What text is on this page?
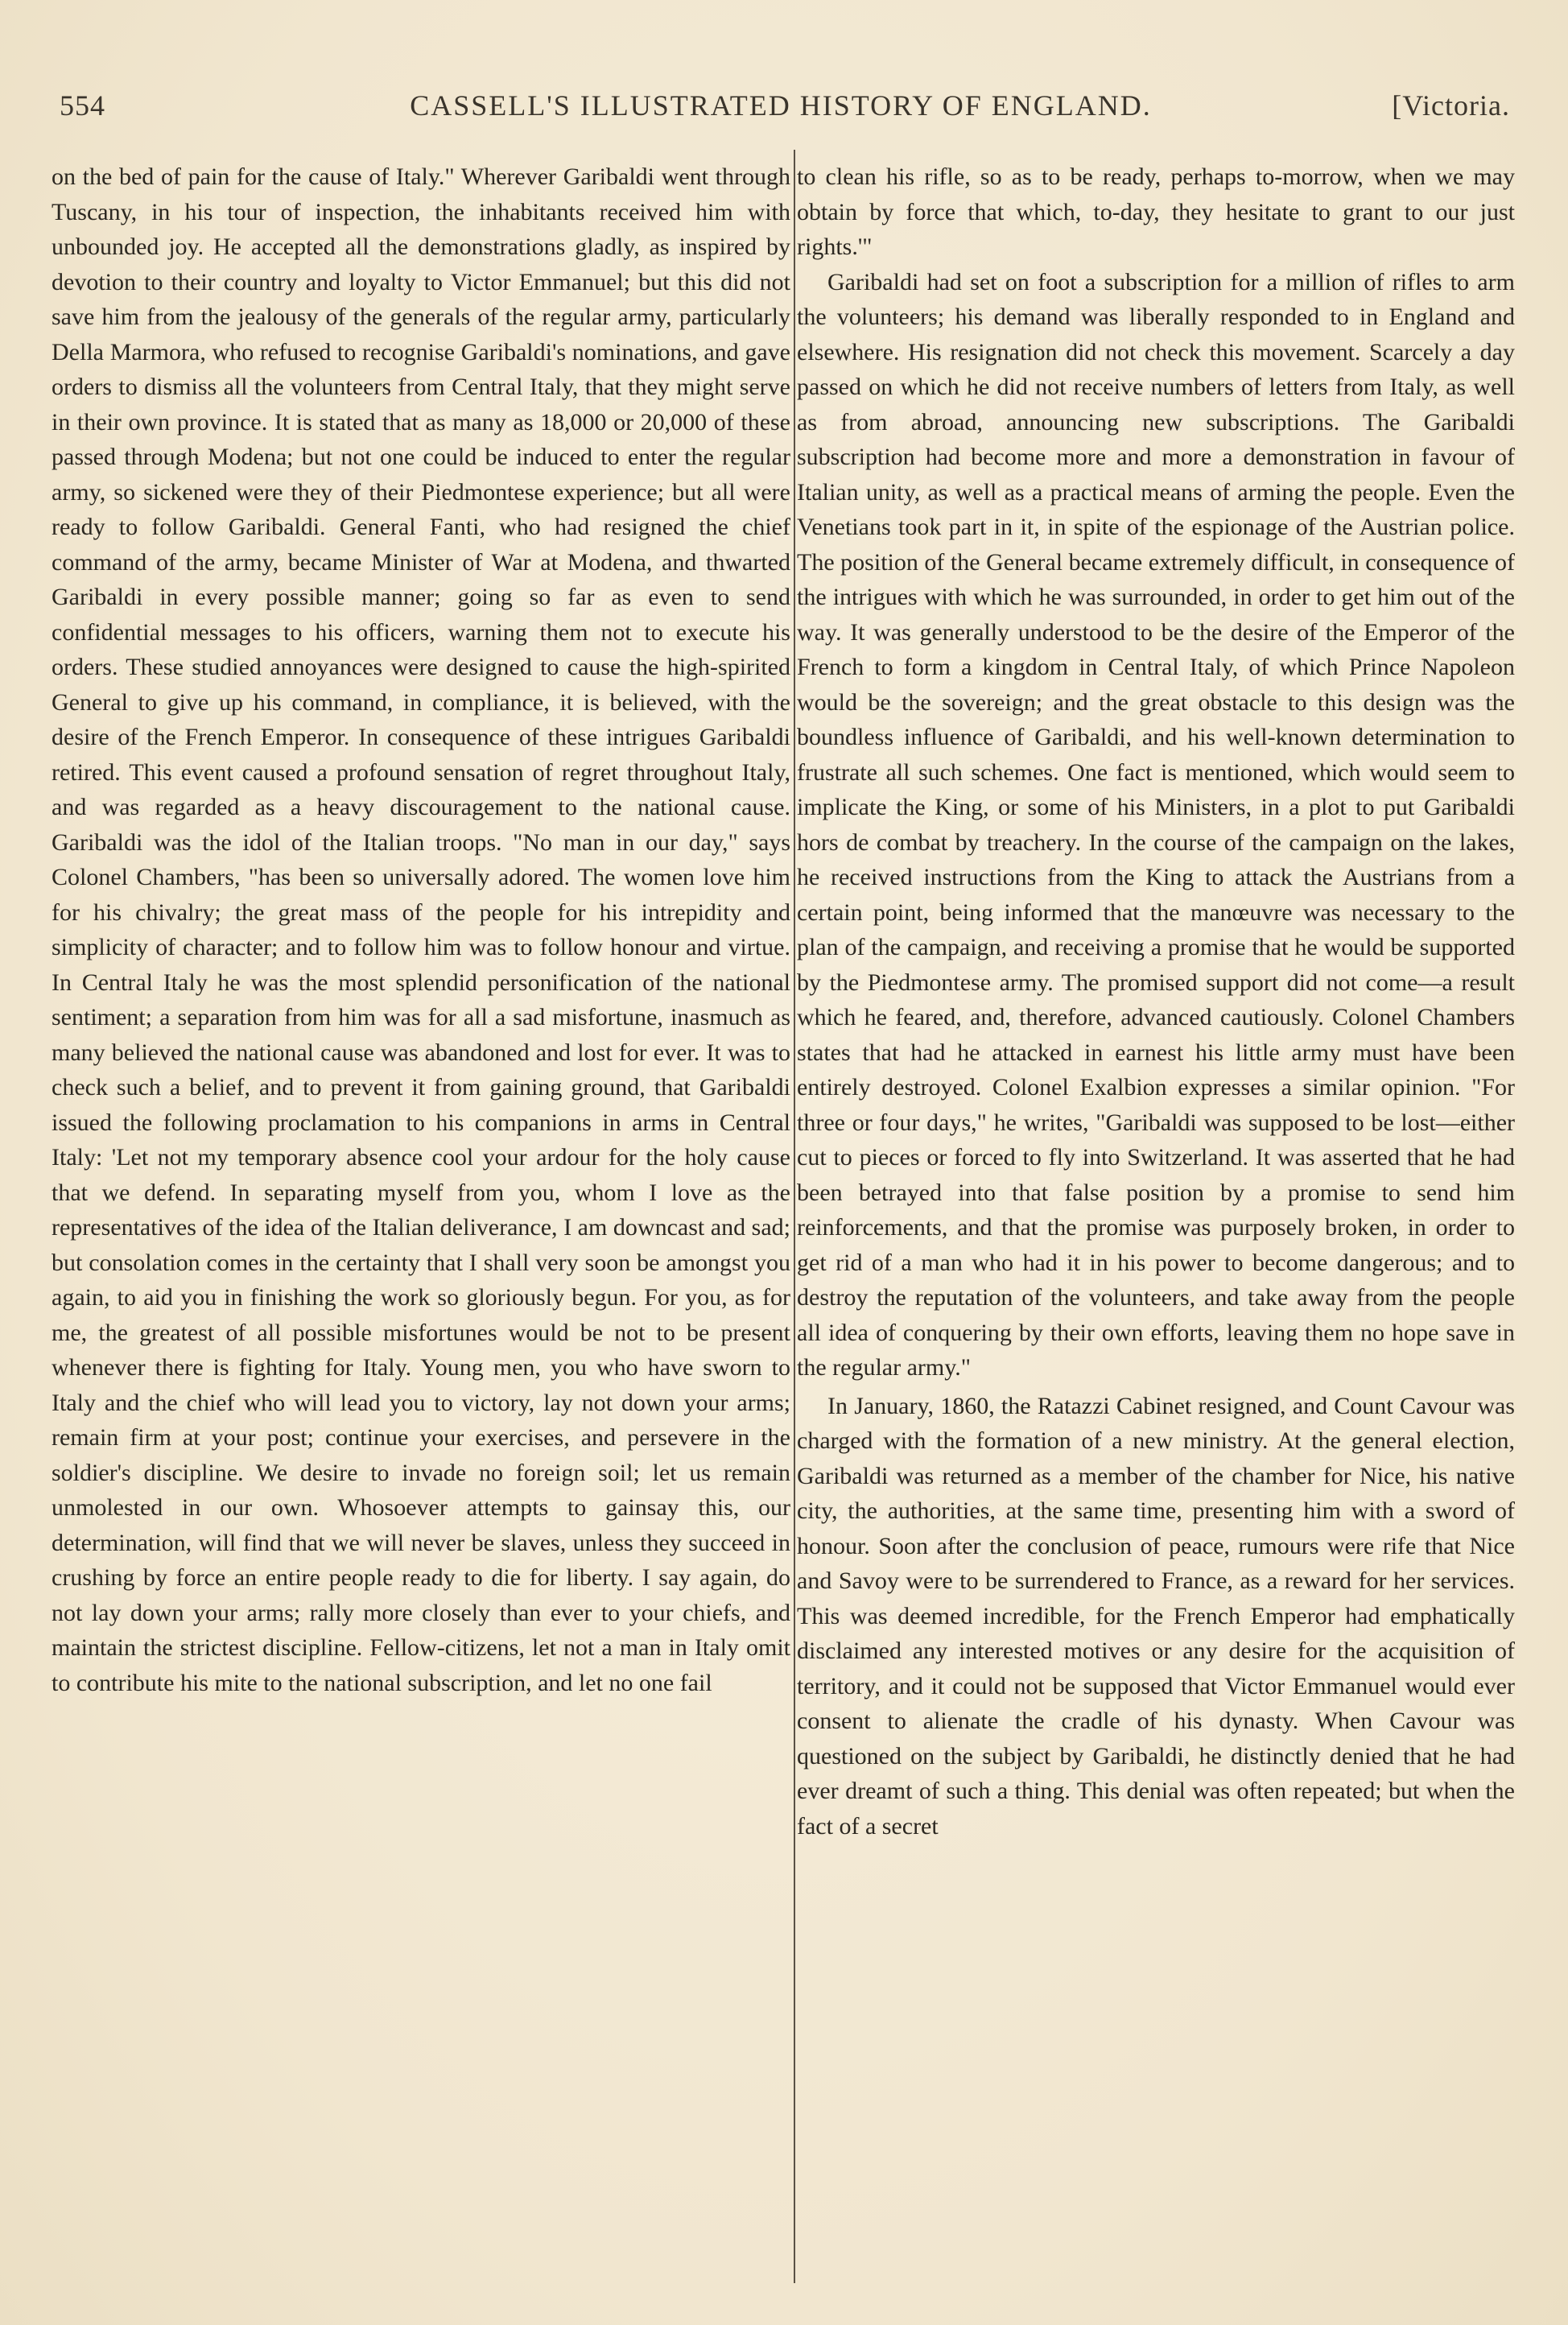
554	CASSELL'S ILLUSTRATED HISTORY OF ENGLAND.	[Victoria.

on the bed of pain for the cause of Italy." Wherever Garibaldi went through Tuscany, in his tour of inspection, the inhabitants received him with unbounded joy. He accepted all the demonstrations gladly, as inspired by devotion to their country and loyalty to Victor Emmanuel; but this did not save him from the jealousy of the generals of the regular army, particularly Della Marmora, who refused to recognise Garibaldi's nominations, and gave orders to dismiss all the volunteers from Central Italy, that they might serve in their own province. It is stated that as many as 18,000 or 20,000 of these passed through Modena; but not one could be induced to enter the regular army, so sickened were they of their Piedmontese experience; but all were ready to follow Garibaldi. General Fanti, who had resigned the chief command of the army, became Minister of War at Modena, and thwarted Garibaldi in every possible manner; going so far as even to send confidential messages to his officers, warning them not to execute his orders. These studied annoyances were designed to cause the high-spirited General to give up his command, in compliance, it is believed, with the desire of the French Emperor. In consequence of these intrigues Garibaldi retired. This event caused a profound sensation of regret throughout Italy, and was regarded as a heavy discouragement to the national cause. Garibaldi was the idol of the Italian troops. "No man in our day," says Colonel Chambers, "has been so universally adored. The women love him for his chivalry; the great mass of the people for his intrepidity and simplicity of character; and to follow him was to follow honour and virtue. In Central Italy he was the most splendid personification of the national sentiment; a separation from him was for all a sad misfortune, inasmuch as many believed the national cause was abandoned and lost for ever. It was to check such a belief, and to prevent it from gaining ground, that Garibaldi issued the following proclamation to his companions in arms in Central Italy: 'Let not my temporary absence cool your ardour for the holy cause that we defend. In separating myself from you, whom I love as the representatives of the idea of the Italian deliverance, I am downcast and sad; but consolation comes in the certainty that I shall very soon be amongst you again, to aid you in finishing the work so gloriously begun. For you, as for me, the greatest of all possible misfortunes would be not to be present whenever there is fighting for Italy. Young men, you who have sworn to Italy and the chief who will lead you to victory, lay not down your arms; remain firm at your post; continue your exercises, and persevere in the soldier's discipline. We desire to invade no foreign soil; let us remain unmolested in our own. Whosoever attempts to gainsay this, our determination, will find that we will never be slaves, unless they succeed in crushing by force an entire people ready to die for liberty. I say again, do not lay down your arms; rally more closely than ever to your chiefs, and maintain the strictest discipline. Fellow-citizens, let not a man in Italy omit to contribute his mite to the national subscription, and let no one fail

to clean his rifle, so as to be ready, perhaps to-morrow, when we may obtain by force that which, to-day, they hesitate to grant to our just rights.'"

Garibaldi had set on foot a subscription for a million of rifles to arm the volunteers; his demand was liberally responded to in England and elsewhere. His resignation did not check this movement. Scarcely a day passed on which he did not receive numbers of letters from Italy, as well as from abroad, announcing new subscriptions. The Garibaldi subscription had become more and more a demonstration in favour of Italian unity, as well as a practical means of arming the people. Even the Venetians took part in it, in spite of the espionage of the Austrian police. The position of the General became extremely difficult, in consequence of the intrigues with which he was surrounded, in order to get him out of the way. It was generally understood to be the desire of the Emperor of the French to form a kingdom in Central Italy, of which Prince Napoleon would be the sovereign; and the great obstacle to this design was the boundless influence of Garibaldi, and his well-known determination to frustrate all such schemes. One fact is mentioned, which would seem to implicate the King, or some of his Ministers, in a plot to put Garibaldi hors de combat by treachery. In the course of the campaign on the lakes, he received instructions from the King to attack the Austrians from a certain point, being informed that the manœuvre was necessary to the plan of the campaign, and receiving a promise that he would be supported by the Piedmontese army. The promised support did not come—a result which he feared, and, therefore, advanced cautiously. Colonel Chambers states that had he attacked in earnest his little army must have been entirely destroyed. Colonel Exalbion expresses a similar opinion. "For three or four days," he writes, "Garibaldi was supposed to be lost—either cut to pieces or forced to fly into Switzerland. It was asserted that he had been betrayed into that false position by a promise to send him reinforcements, and that the promise was purposely broken, in order to get rid of a man who had it in his power to become dangerous; and to destroy the reputation of the volunteers, and take away from the people all idea of conquering by their own efforts, leaving them no hope save in the regular army."

In January, 1860, the Ratazzi Cabinet resigned, and Count Cavour was charged with the formation of a new ministry. At the general election, Garibaldi was returned as a member of the chamber for Nice, his native city, the authorities, at the same time, presenting him with a sword of honour. Soon after the conclusion of peace, rumours were rife that Nice and Savoy were to be surrendered to France, as a reward for her services. This was deemed incredible, for the French Emperor had emphatically disclaimed any interested motives or any desire for the acquisition of territory, and it could not be supposed that Victor Emmanuel would ever consent to alienate the cradle of his dynasty. When Cavour was questioned on the subject by Garibaldi, he distinctly denied that he had ever dreamt of such a thing. This denial was often repeated; but when the fact of a secret
